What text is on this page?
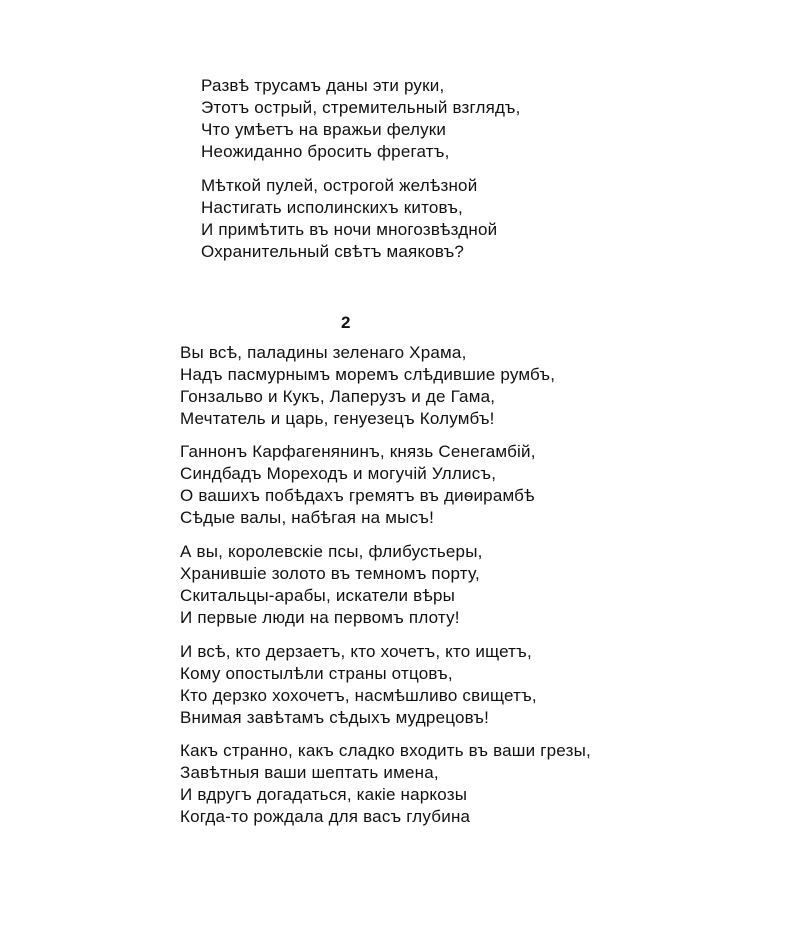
Развѣ трусамъ даны эти руки,
Этотъ острый, стремительный взглядъ,
Что умѣетъ на вражьи фелуки
Неожиданно бросить фрегатъ,
Мѣткой пулей, острогой желѣзной
Настигать исполинскихъ китовъ,
И примѣтить въ ночи многозвѣздной
Охранительный свѣтъ маяковъ?
2
Вы всѣ, паладины зеленаго Храма,
Надъ пасмурнымъ моремъ слѣдившие румбъ,
Гонзальво и Кукъ, Лаперузъ и де Гама,
Мечтатель и царь, генуезецъ Колумбъ!
Ганнонъ Карфагенянинъ, князь Сенегамбій,
Синдбадъ Мореходъ и могучій Уллисъ,
О вашихъ побѣдахъ гремятъ въ диѳирамбѣ
Сѣдые валы, набѣгая на мысъ!
А вы, королевскіе псы, флибустьеры,
Хранившіе золото въ темномъ порту,
Скитальцы-арабы, искатели вѣры
И первые люди на первомъ плоту!
И всѣ, кто дерзаетъ, кто хочетъ, кто ищетъ,
Кому опостылѣли страны отцовъ,
Кто дерзко хохочетъ, насмѣшливо свищетъ,
Внимая завѣтамъ сѣдыхъ мудрецовъ!
Какъ странно, какъ сладко входить въ ваши грезы,
Завѣтныя ваши шептать имена,
И вдругъ догадаться, какіе наркозы
Когда-то рождала для васъ глубина
